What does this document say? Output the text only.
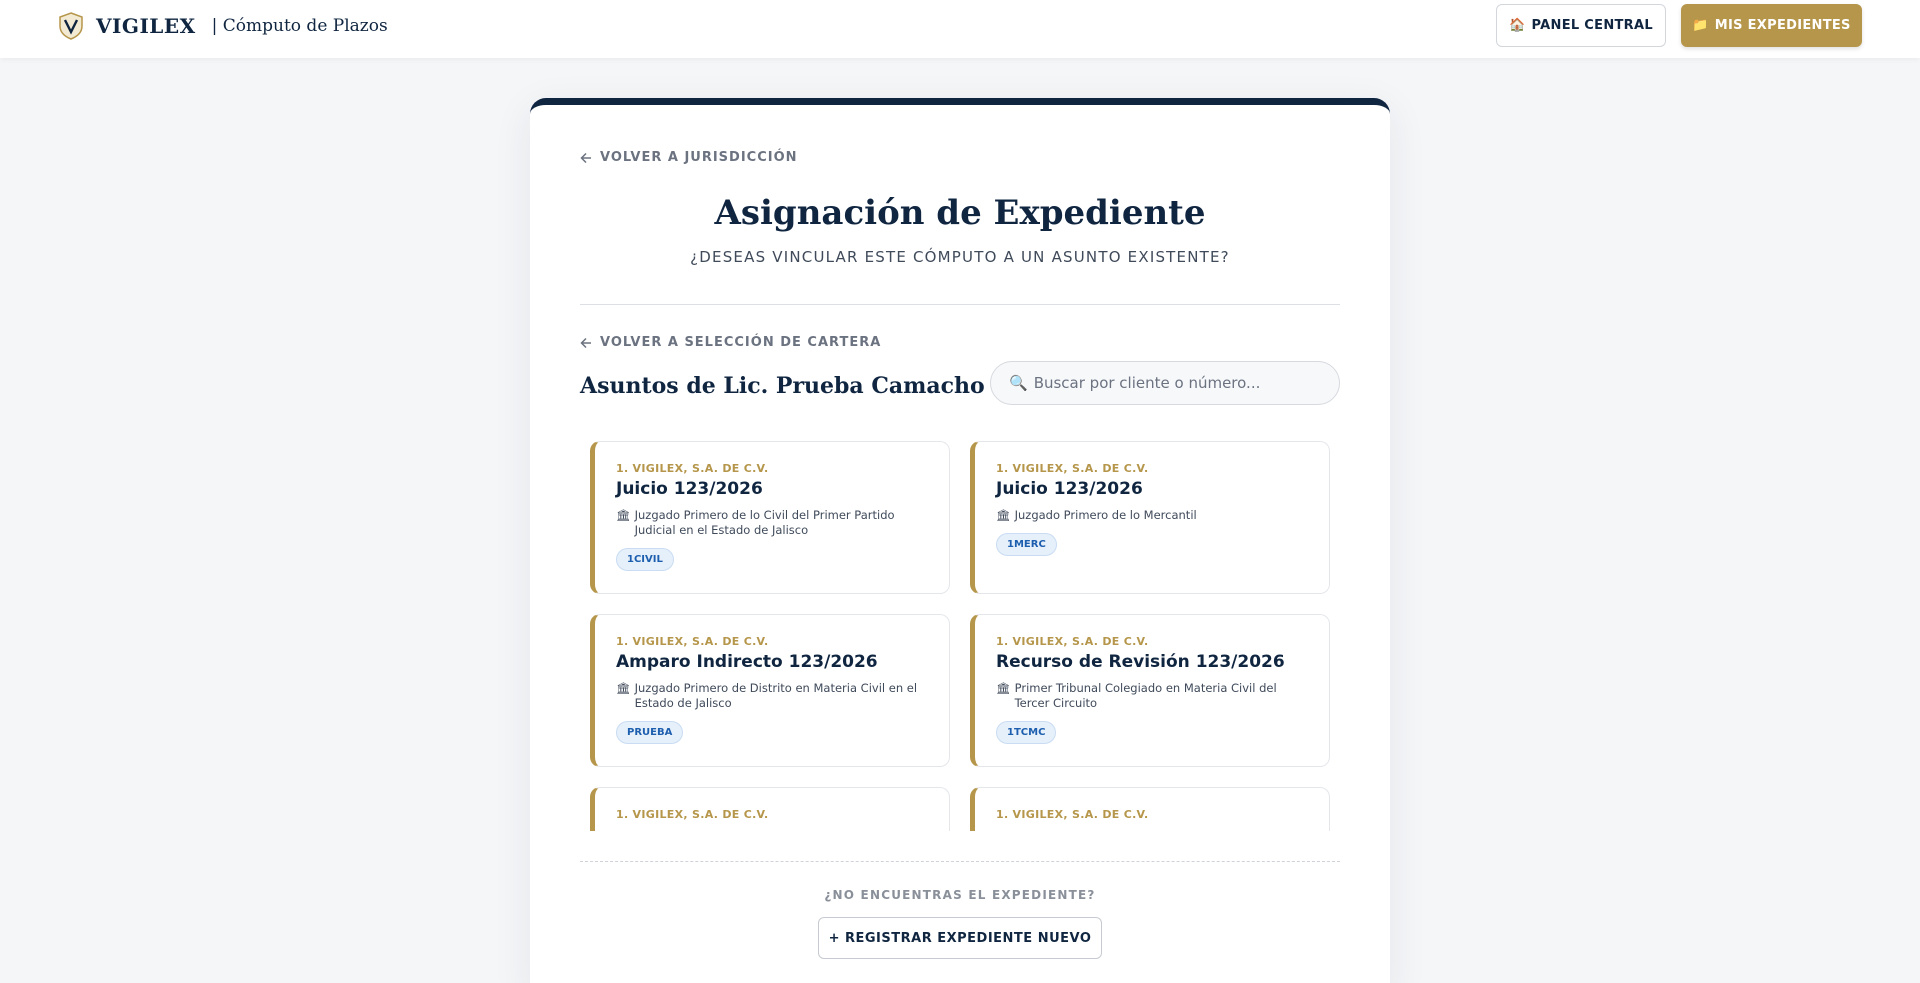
VIGILEX | Cómputo de Plazos	🏠 PANEL CENTRAL	📁 MIS EXPEDIENTES
VOLVER A JURISDICCIÓN
Asignación de Expediente
¿DESEAS VINCULAR ESTE CÓMPUTO A UN ASUNTO EXISTENTE?
VOLVER A SELECCIÓN DE CARTERA
Asuntos de Lic. Prueba Camacho 🔍
Buscar por cliente o número...
1. VIGILEX, S.A. DE C.V.
Juicio 123/2026
🏛 Juzgado Primero de lo Civil del Primer Partido Judicial en el Estado de Jalisco
1CIVIL
1. VIGILEX, S.A. DE C.V.
Juicio 123/2026
🏛 Juzgado Primero de lo Mercantil
1MERC
1. VIGILEX, S.A. DE C.V.
Amparo Indirecto 123/2026
🏛 Juzgado Primero de Distrito en Materia Civil en el Estado de Jalisco
PRUEBA
1. VIGILEX, S.A. DE C.V.
Recurso de Revisión 123/2026
🏛 Primer Tribunal Colegiado en Materia Civil del Tercer Circuito
1TCMC
1. VIGILEX, S.A. DE C.V.	1. VIGILEX, S.A. DE C.V.
¿NO ENCUENTRAS EL EXPEDIENTE?
+ REGISTRAR EXPEDIENTE NUEVO
